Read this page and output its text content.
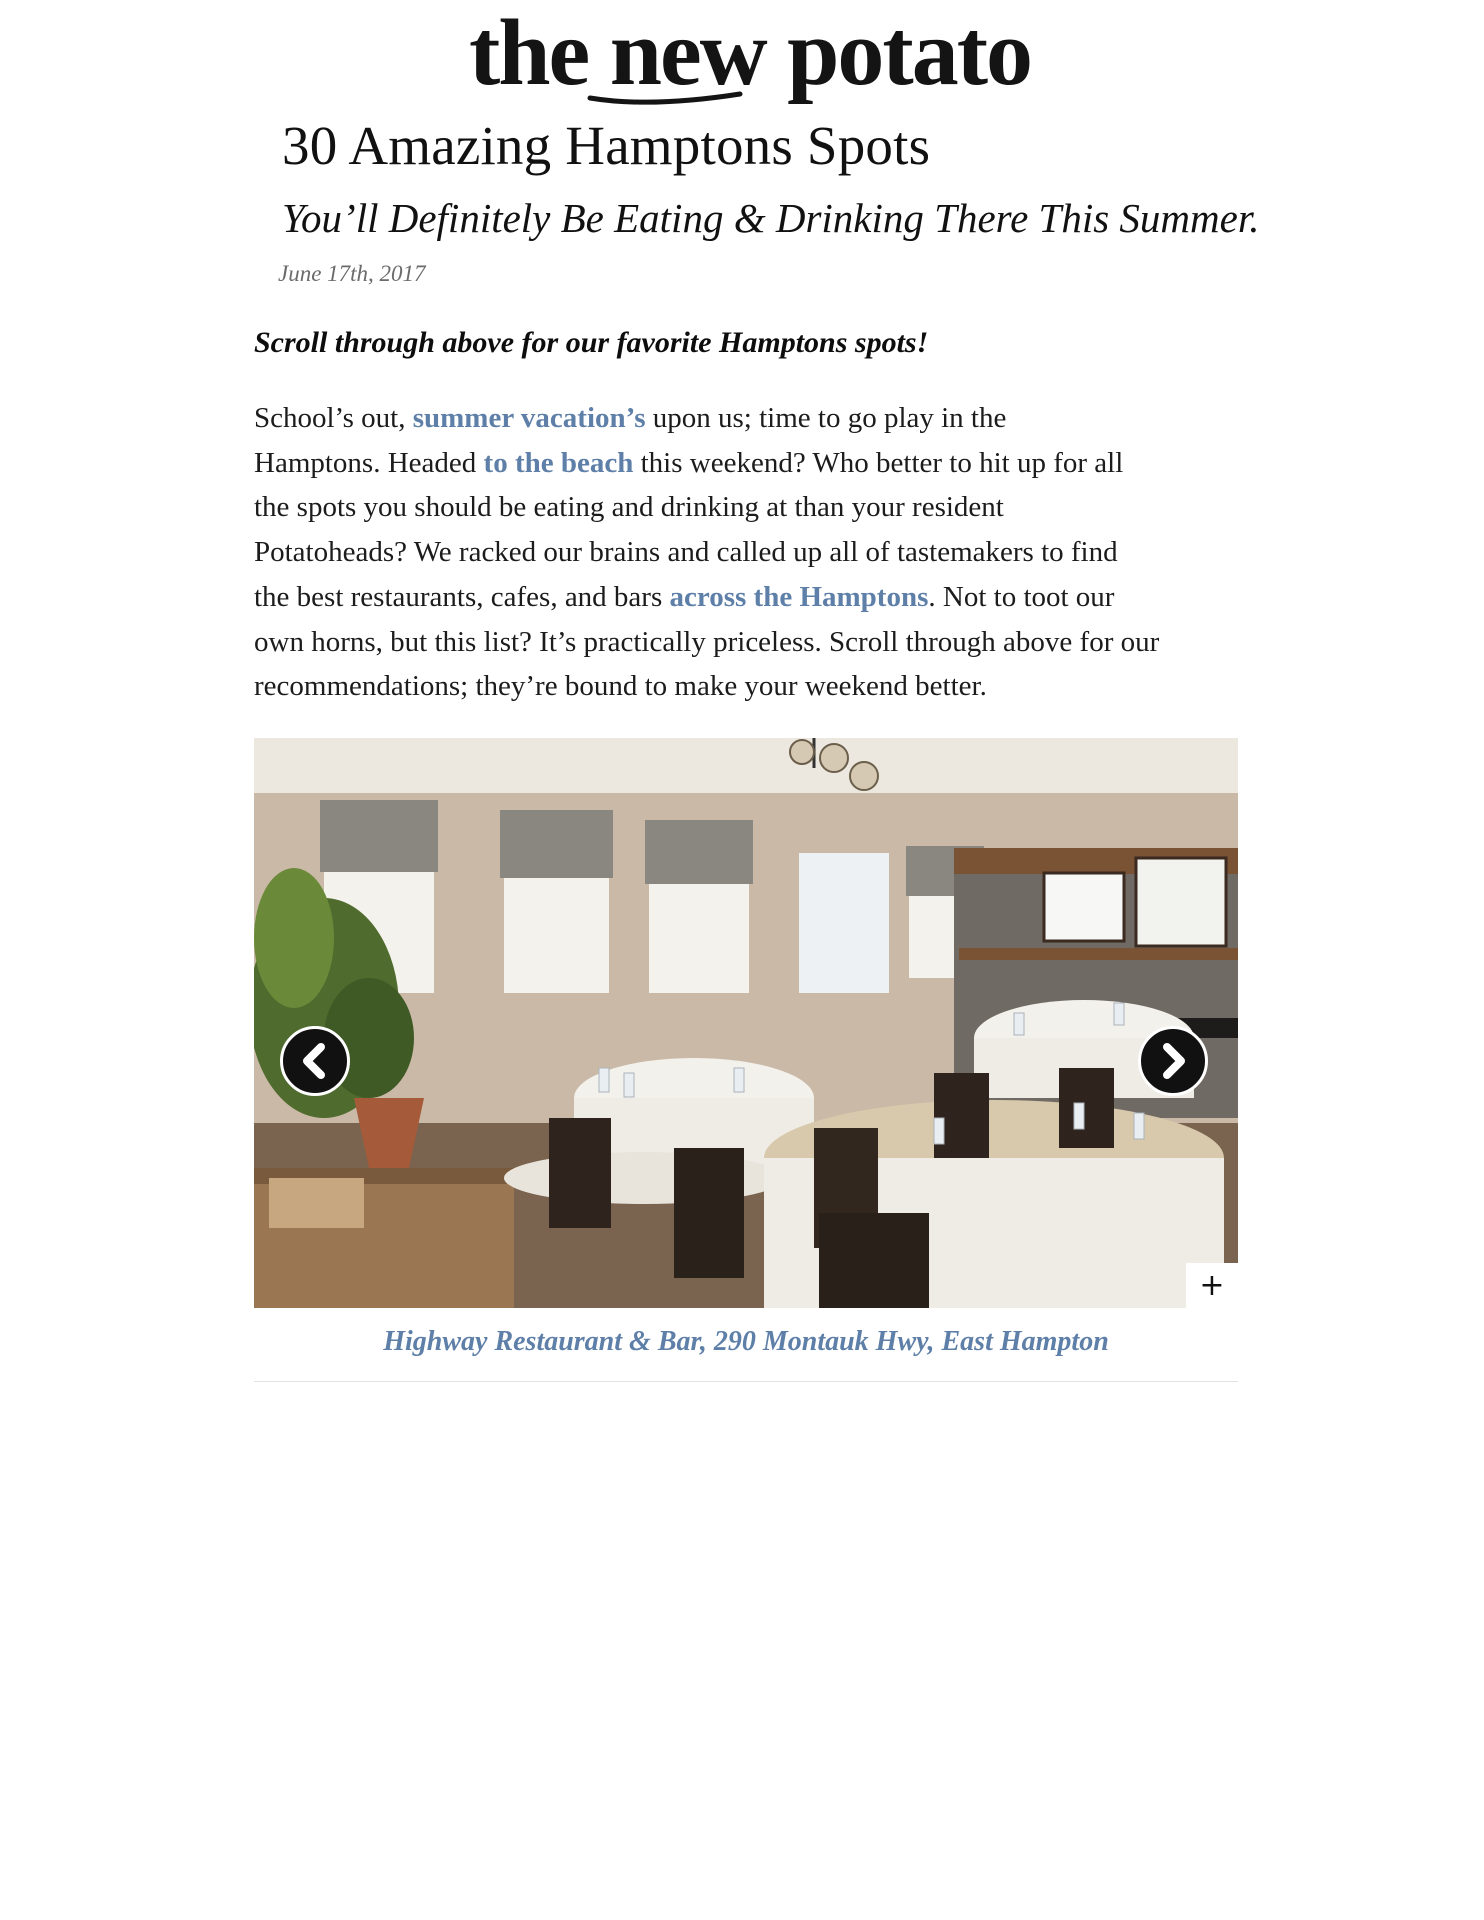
the new potato
30 Amazing Hamptons Spots
You’ll Definitely Be Eating & Drinking There This Summer.
June 17th, 2017

Scroll through above for our favorite Hamptons spots!

School’s out, summer vacation’s upon us; time to go play in the
Hamptons. Headed to the beach this weekend? Who better to hit up for all
the spots you should be eating and drinking at than your resident
Potatoheads? We racked our brains and called up all of tastemakers to find
the best restaurants, cafes, and bars across the Hamptons. Not to toot our
own horns, but this list? It’s practically priceless. Scroll through above for our
recommendations; they’re bound to make your weekend better.
+
Highway Restaurant & Bar, 290 Montauk Hwy, East Hampton
